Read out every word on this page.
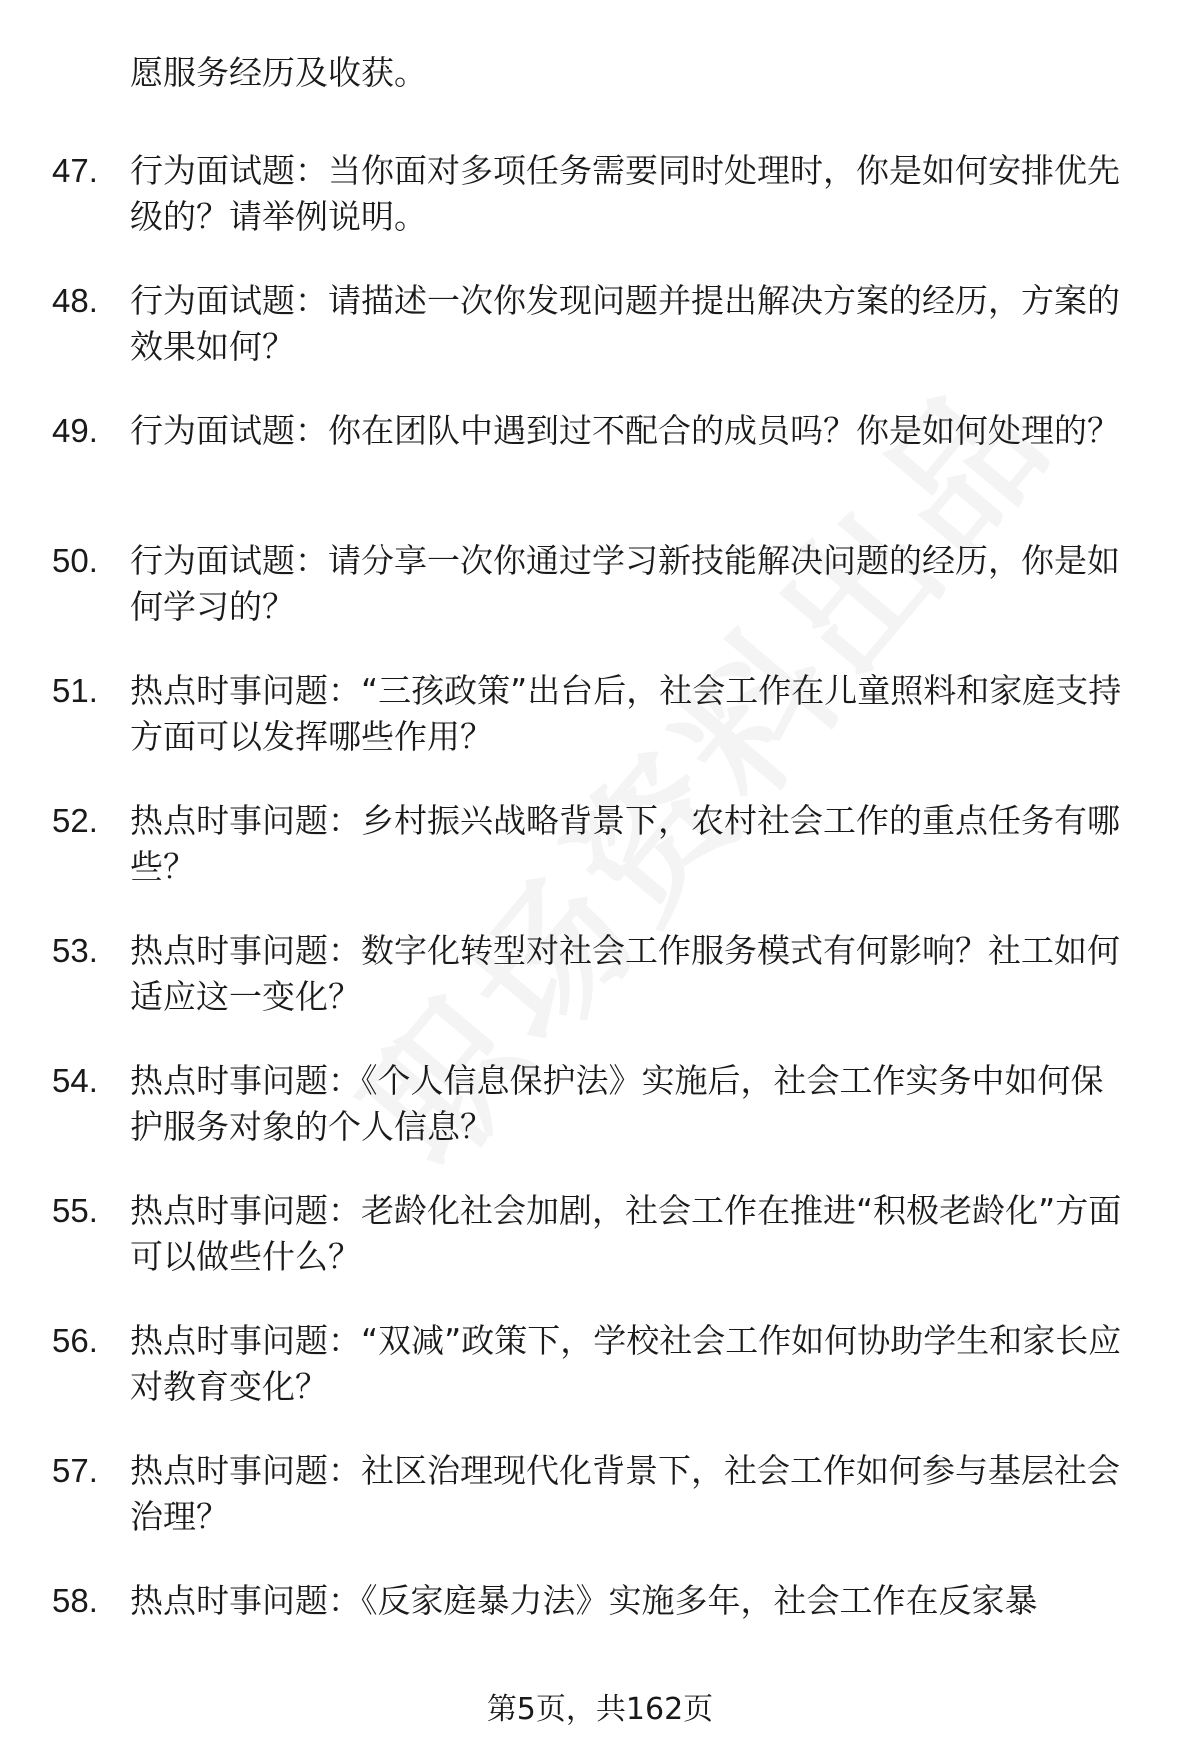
愿服务经历及收获。
47. 行为面试题：当你面对多项任务需要同时处理时，你是如何安排优先级的？请举例说明。
48. 行为面试题：请描述一次你发现问题并提出解决方案的经历，方案的效果如何？
49. 行为面试题：你在团队中遇到过不配合的成员吗？你是如何处理的？
50. 行为面试题：请分享一次你通过学习新技能解决问题的经历，你是如何学习的？
51. 热点时事问题：“三孩政策”出台后，社会工作在儿童照料和家庭支持方面可以发挥哪些作用？
52. 热点时事问题：乡村振兴战略背景下，农村社会工作的重点任务有哪些？
53. 热点时事问题：数字化转型对社会工作服务模式有何影响？社工如何适应这一变化？
54. 热点时事问题：《个人信息保护法》实施后，社会工作实务中如何保护服务对象的个人信息？
55. 热点时事问题：老龄化社会加剧，社会工作在推进“积极老龄化”方面可以做些什么？
56. 热点时事问题：“双减”政策下，学校社会工作如何协助学生和家长应对教育变化？
57. 热点时事问题：社区治理现代化背景下，社会工作如何参与基层社会治理？
58. 热点时事问题：《反家庭暴力法》实施多年，社会工作在反家暴
第5页，共162页
